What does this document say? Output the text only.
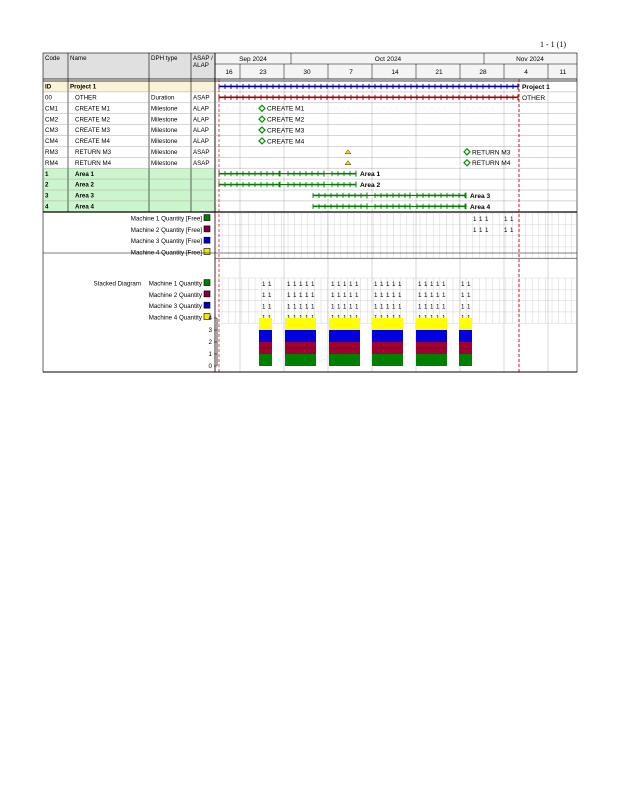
1 - 1 (1)
Code Name	DPH type	ASAP /
ALAP
Sep 2024	Oct 2024	Nov 2024
16	23	30	7	14	21	28	4	11
ID	Project 1
00	OTHER	Duration	ASAP
CM1	CREATE M1	Milestone	ALAP
CM2	CREATE M2	Milestone	ALAP
CM3	CREATE M3	Milestone	ALAP
CM4	CREATE M4	Milestone	ALAP
RM3	RETURN M3	Milestone	ASAP
RM4	RETURN M4	Milestone	ASAP
1	Area 1
2	Area 2
3	Area 3
4	Area 4
Project 1
OTHER
CREATE M1
CREATE M2
CREATE M3
CREATE M4
RETURN M3
RETURN M4
Area 1
Area 2
Area 3
Area 4
Machine 1 Quantity [Free]
Machine 2 Quantity [Free]
Machine 3 Quantity [Free]
Machine 4 Quantity [Free]
1 1 1	1 1
1 1 1	1 1
Stacked Diagram Machine 1 Quantity
Machine 2 Quantity
Machine 3 Quantity
Machine 4 Quantity
1 1	1 1 1 1 1	1 1 1 1 1	1 1 1 1 1	1 1 1 1 1	1 1
1 1	1 1 1 1 1	1 1 1 1 1	1 1 1 1 1	1 1 1 1 1	1 1
1 1	1 1 1 1 1	1 1 1 1 1	1 1 1 1 1	1 1 1 1 1	1 1
0
1
2
3
4
